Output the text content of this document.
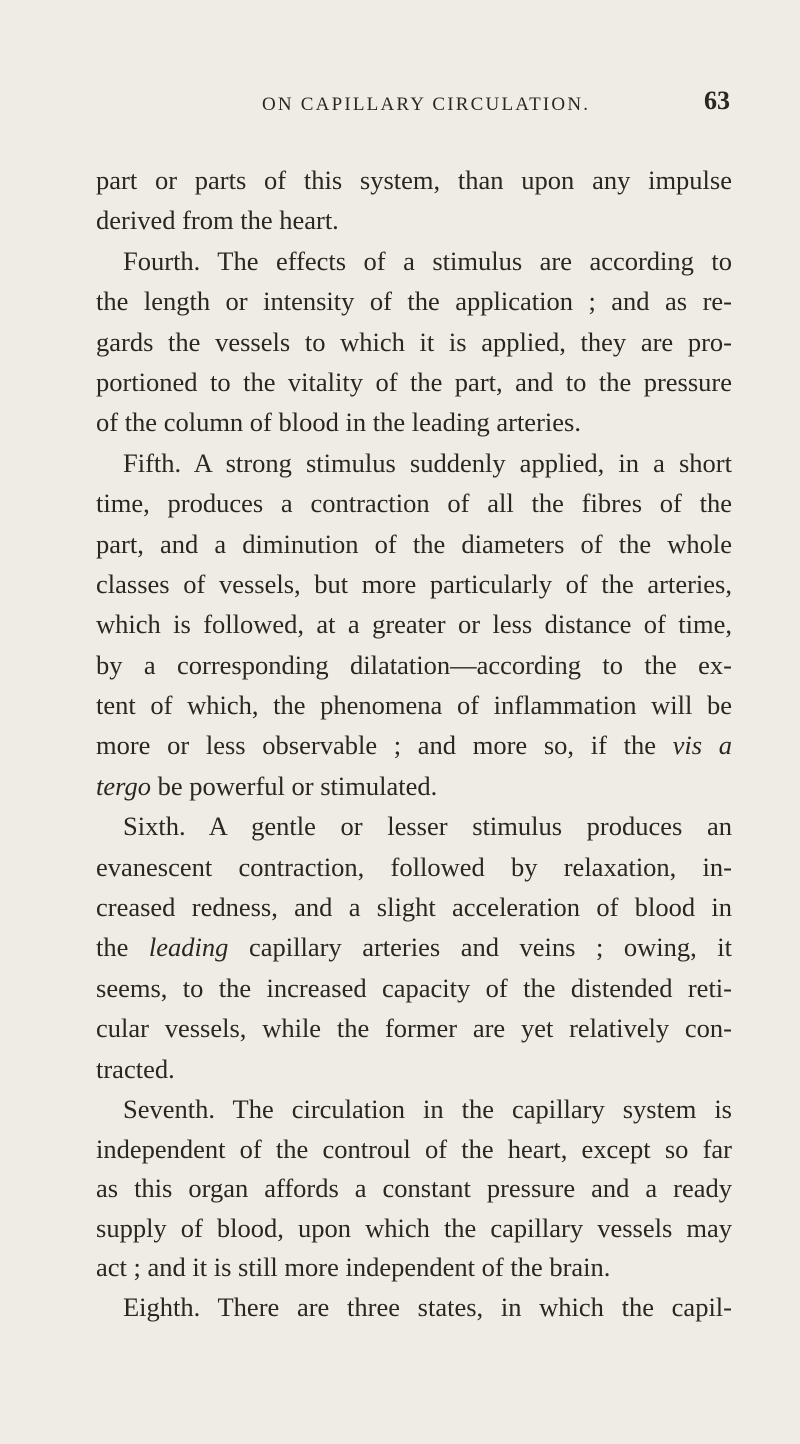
ON CAPILLARY CIRCULATION.	63
part or parts of this system, than upon any impulse
derived from the heart.
Fourth. The effects of a stimulus are according to
the length or intensity of the application ; and as re-
gards the vessels to which it is applied, they are pro-
portioned to the vitality of the part, and to the pressure
of the column of blood in the leading arteries.
Fifth. A strong stimulus suddenly applied, in a short
time, produces a contraction of all the fibres of the
part, and a diminution of the diameters of the whole
classes of vessels, but more particularly of the arteries,
which is followed, at a greater or less distance of time,
by a corresponding dilatation—according to the ex-
tent of which, the phenomena of inflammation will be
more or less observable ; and more so, if the vis a
tergo be powerful or stimulated.
Sixth. A gentle or lesser stimulus produces an
evanescent contraction, followed by relaxation, in-
creased redness, and a slight acceleration of blood in
the leading capillary arteries and veins ; owing, it
seems, to the increased capacity of the distended reti-
cular vessels, while the former are yet relatively con-
tracted.
Seventh. The circulation in the capillary system is
independent of the controul of the heart, except so far
as this organ affords a constant pressure and a ready
supply of blood, upon which the capillary vessels may
act ; and it is still more independent of the brain.
Eighth. There are three states, in which the capil-
